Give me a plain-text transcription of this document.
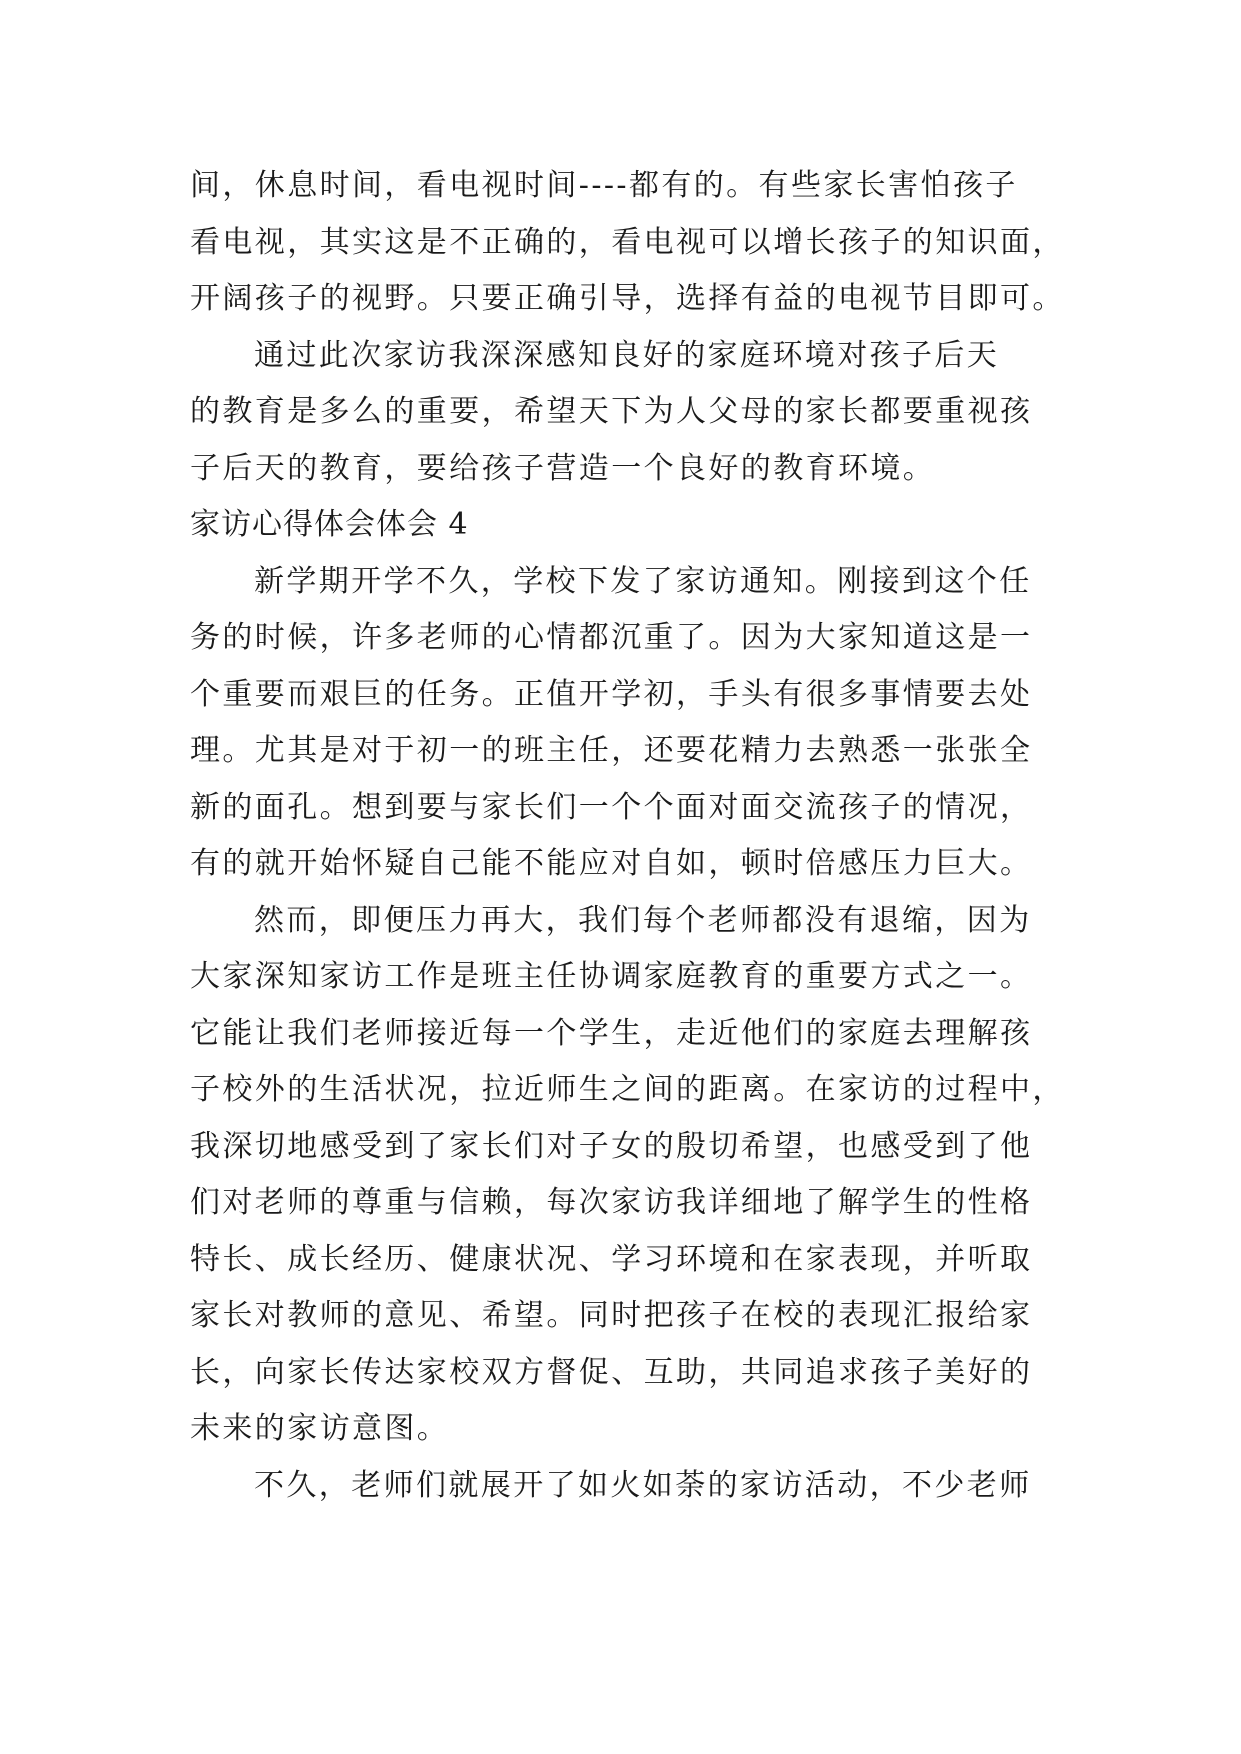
间，休息时间，看电视时间----都有的。有些家长害怕孩子
看电视，其实这是不正确的，看电视可以增长孩子的知识面，
开阔孩子的视野。只要正确引导，选择有益的电视节目即可。
通过此次家访我深深感知良好的家庭环境对孩子后天
的教育是多么的重要，希望天下为人父母的家长都要重视孩
子后天的教育，要给孩子营造一个良好的教育环境。
家访心得体会体会 4
新学期开学不久，学校下发了家访通知。刚接到这个任
务的时候，许多老师的心情都沉重了。因为大家知道这是一
个重要而艰巨的任务。正值开学初，手头有很多事情要去处
理。尤其是对于初一的班主任，还要花精力去熟悉一张张全
新的面孔。想到要与家长们一个个面对面交流孩子的情况，
有的就开始怀疑自己能不能应对自如，顿时倍感压力巨大。
然而，即便压力再大，我们每个老师都没有退缩，因为
大家深知家访工作是班主任协调家庭教育的重要方式之一。
它能让我们老师接近每一个学生，走近他们的家庭去理解孩
子校外的生活状况，拉近师生之间的距离。在家访的过程中，
我深切地感受到了家长们对子女的殷切希望，也感受到了他
们对老师的尊重与信赖，每次家访我详细地了解学生的性格
特长、成长经历、健康状况、学习环境和在家表现，并听取
家长对教师的意见、希望。同时把孩子在校的表现汇报给家
长，向家长传达家校双方督促、互助，共同追求孩子美好的
未来的家访意图。
不久，老师们就展开了如火如荼的家访活动，不少老师
